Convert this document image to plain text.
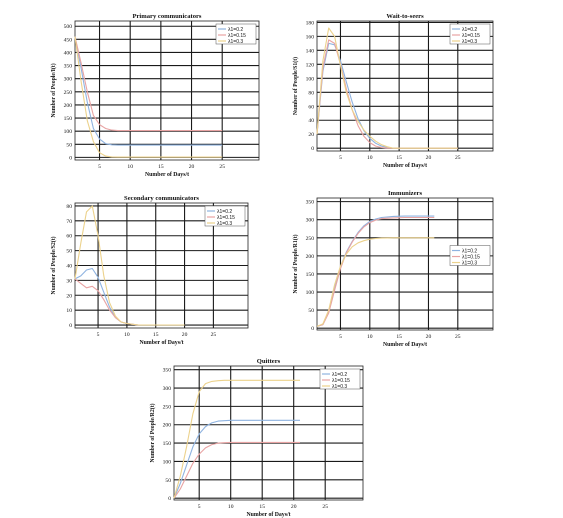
5	10	15	20	25
0
50
100
150
200
250
300
350
400
450
500
Primary communicators
Number of Days/t
Number of People/I(t)
λ1=0.2
λ1=0.15
λ1=0.3
5	10	15	20	25
0
20
40
60
80
100
120
140
160
180
Wait-to-seers
Number of Days/t
Number of People/S1(t)
λ1=0.2
λ1=0.15
λ1=0.3
5	10	15	20	25
0
10
20
30
40
50
60
70
80
Secondary communicators
Number of Days/t
Number of People/S2(t)
λ1=0.2
λ1=0.15
λ1=0.3
5	10	15	20	25
0
50
100
150
200
250
300
350
Immunizers
Number of Days/t
Number of People/R1(t)	λ1=0.2
λ1=0.15
λ1=0.3
5	10	15	20	25
0
50
100
150
200
250
300
350
Quitters
Number of Days/t
Number of People/R2(t)
λ1=0.2
λ1=0.15
λ1=0.3
